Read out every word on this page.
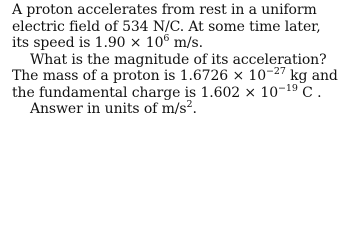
A proton accelerates from rest in a uniform
electric field of 534 N/C. At some time later,
its speed is $1.90 \times 10^6$ m/s.
What is the magnitude of its acceleration?
The mass of a proton is $1.6726 \times 10^{-27}$ kg and
the fundamental charge is $1.602 \times 10^{-19}$ C .
Answer in units of $m/s^2$.
